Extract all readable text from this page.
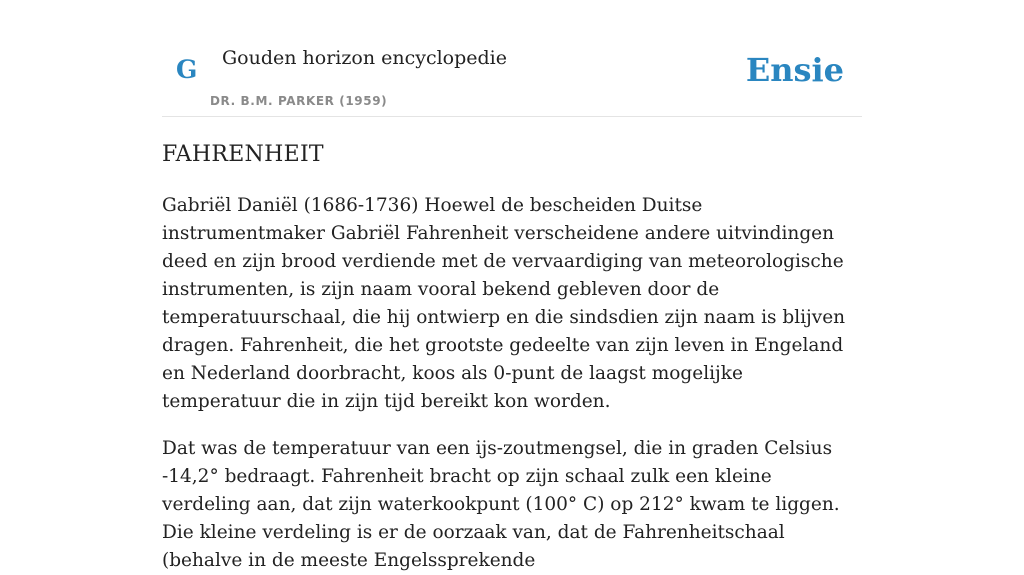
G Gouden horizon encyclopedie
DR. B.M. PARKER (1959)
Ensie
FAHRENHEIT

Gabriël Daniël (1686-1736) Hoewel de bescheiden Duitse instrumentmaker Gabriël Fahrenheit verscheidene andere uitvindingen deed en zijn brood verdiende met de vervaardiging van meteorologische instrumenten, is zijn naam vooral bekend gebleven door de temperatuurschaal, die hij ontwierp en die sindsdien zijn naam is blijven dragen. Fahrenheit, die het grootste gedeelte van zijn leven in Engeland en Nederland doorbracht, koos als 0-punt de laagst mogelijke temperatuur die in zijn tijd bereikt kon worden.

Dat was de temperatuur van een ijs-zoutmengsel, die in graden Celsius -14,2° bedraagt. Fahrenheit bracht op zijn schaal zulk een kleine verdeling aan, dat zijn waterkookpunt (100° C) op 212° kwam te liggen. Die kleine verdeling is er de oorzaak van, dat de Fahrenheitschaal (behalve in de meeste Engelssprekende
